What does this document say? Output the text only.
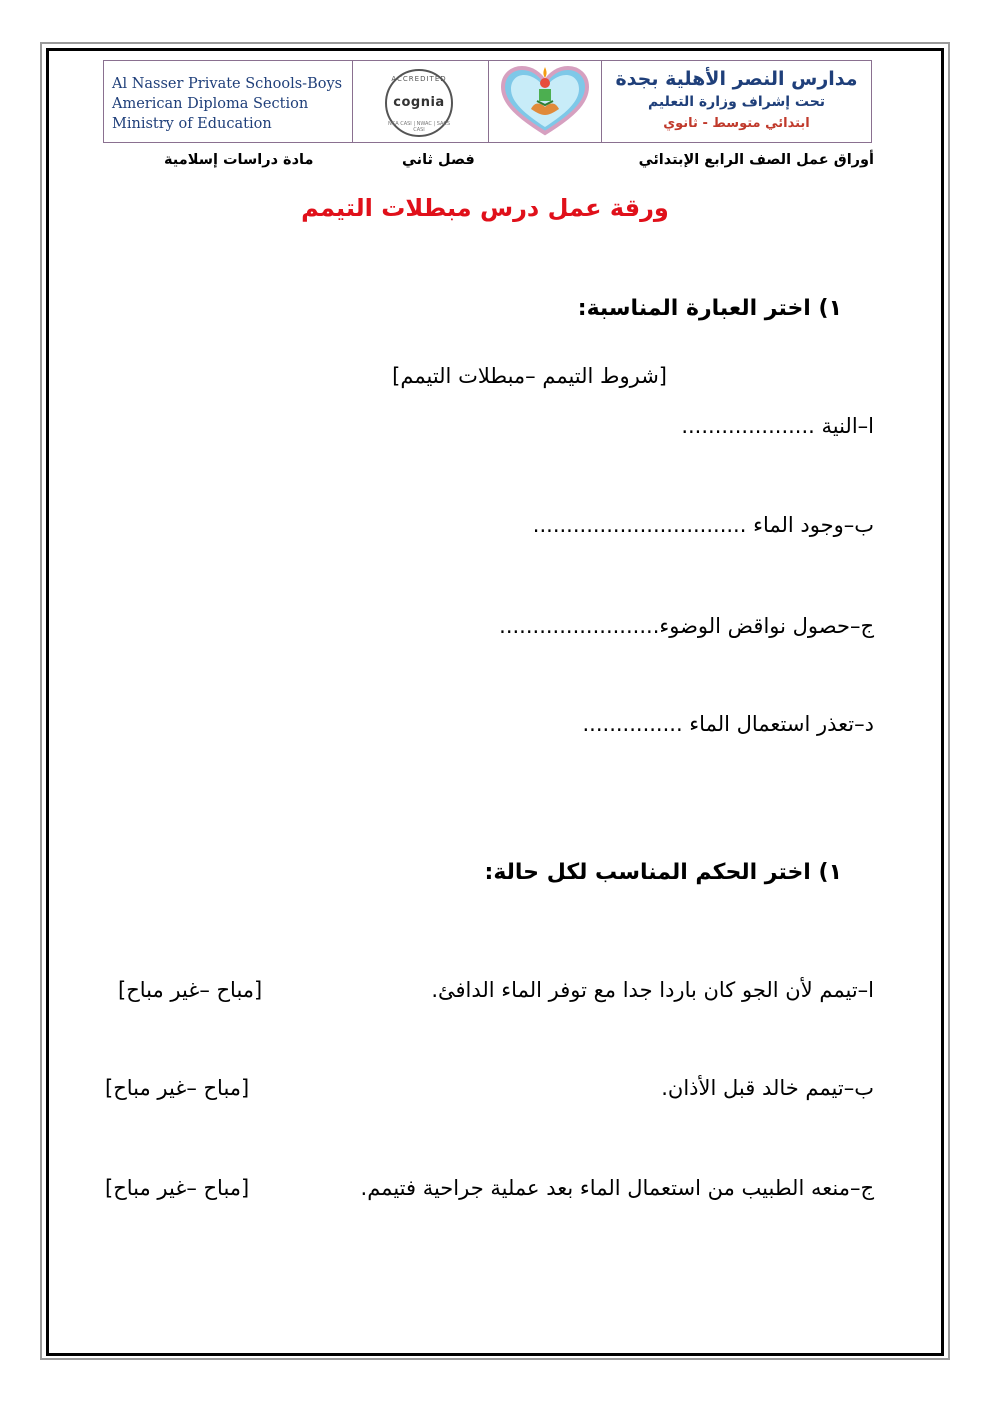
Al Nasser Private Schools-Boys
American Diploma Section
Ministry of Education
ACCREDITED
cognia
NCA CASI | NWAC | SACS CASI
مدارس النصر الأهلية بجدة
تحت إشراف وزارة التعليم
ابتدائي متوسط - ثانوي
أوراق عمل الصف الرابع الإبتدائي
فصل ثاني
مادة دراسات إسلامية
ورقة عمل درس مبطلات التيمم
١) اختر العبارة المناسبة:
[شروط التيمم –مبطلات التيمم]
ا–النية ....................
ب–وجود الماء ................................
ج–حصول نواقض الوضوء........................
د–تعذر استعمال الماء ...............
١) اختر الحكم المناسب لكل حالة:
ا–تيمم لأن الجو كان باردا جدا مع توفر الماء الدافئ.
[مباح –غير مباح]
ب–تيمم خالد قبل الأذان.
[مباح –غير مباح]
ج–منعه الطبيب من استعمال الماء بعد عملية جراحية فتيمم.
[مباح –غير مباح]
